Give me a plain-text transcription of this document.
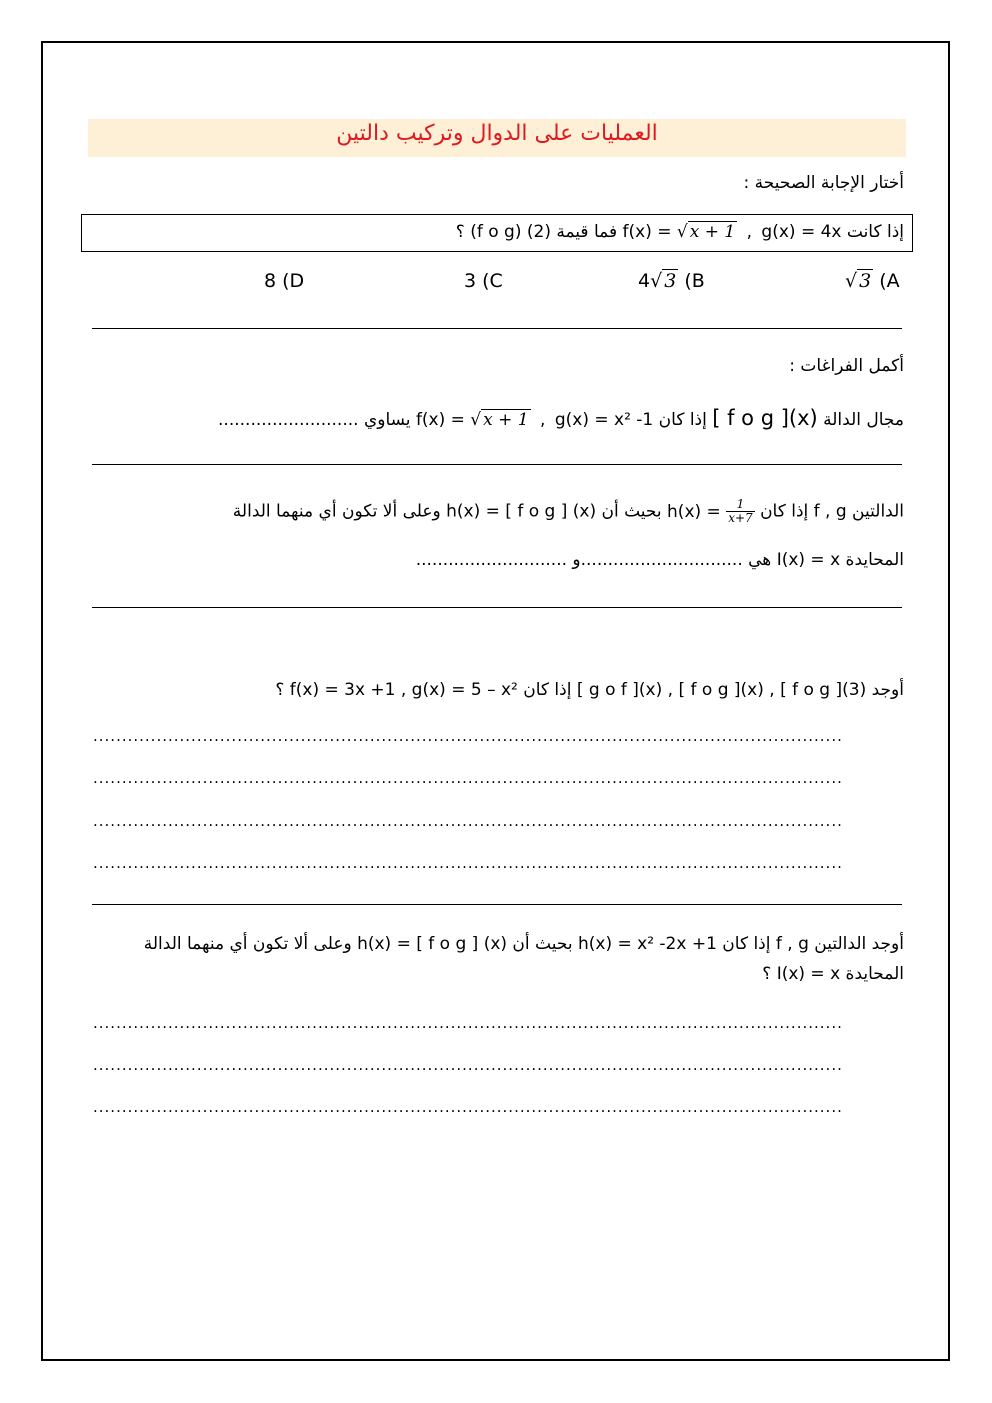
العمليات على الدوال وتركيب دالتين
أختار الإجابة الصحيحة :
إذا كانت g(x) = 4x , f(x) = √ x + 1 فما قيمة (2) (f o g) ؟
√ 3 (A
4√ 3 (B
3 (C
8 (D
أكمل الفراغات :
مجال الدالة [ f o g ](x) إذا كان g(x) = x² -1 , f(x) = √ x + 1 يساوي ..........................
الدالتين f , g إذا كان $h(x) = \frac{1}{x+7}$
بحيث أن h(x) = [ f o g ] (x) وعلى ألا تكون أي منهما الدالة
المحايدة I(x) = x هي ..............................و ............................
أوجد (3)[ f o g ] , (x)[ f o g ] , (x)[ g o f ] إذا كان f(x) = 3x +1 , g(x) = 5 – x² ؟
..................................................................................................................................
..................................................................................................................................
..................................................................................................................................
..................................................................................................................................
أوجد الدالتين f , g إذا كان h(x) = x² -2x +1 بحيث أن h(x) = [ f o g ] (x) وعلى ألا تكون أي منهما الدالة
المحايدة I(x) = x ؟
..................................................................................................................................
..................................................................................................................................
..................................................................................................................................
